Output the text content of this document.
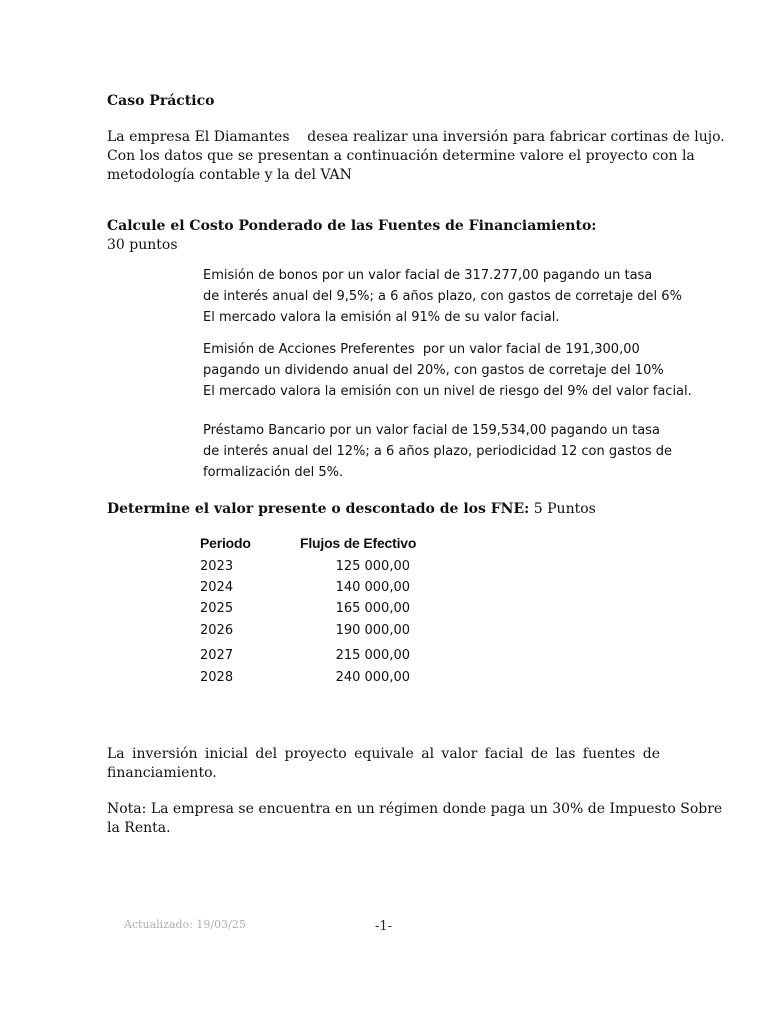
Caso Práctico
La empresa El Diamantes    desea realizar una inversión para fabricar cortinas de lujo.
Con los datos que se presentan a continuación determine valore el proyecto con la
metodología contable y la del VAN
Calcule el Costo Ponderado de las Fuentes de Financiamiento:
30 puntos
Emisión de bonos por un valor facial de 317.277,00 pagando un tasa
de interés anual del 9,5%; a 6 años plazo, con gastos de corretaje del 6%
El mercado valora la emisión al 91% de su valor facial.
Emisión de Acciones Preferentes  por un valor facial de 191,300,00
pagando un dividendo anual del 20%, con gastos de corretaje del 10%
El mercado valora la emisión con un nivel de riesgo del 9% del valor facial.
Préstamo Bancario por un valor facial de 159,534,00 pagando un tasa
de interés anual del 12%; a 6 años plazo, periodicidad 12 con gastos de
formalización del 5%.
Determine el valor presente o descontado de los FNE: 5 Puntos
Periodo	Flujos de Efectivo
2023	125 000,00
2024	140 000,00
2025	165 000,00
2026	190 000,00
2027	215 000,00
2028	240 000,00
La inversión inicial del proyecto equivale al valor facial de las fuentes de
financiamiento.
Nota: La empresa se encuentra en un régimen donde paga un 30% de Impuesto Sobre
la Renta.
Actualizado: 19/03/25	-1-
